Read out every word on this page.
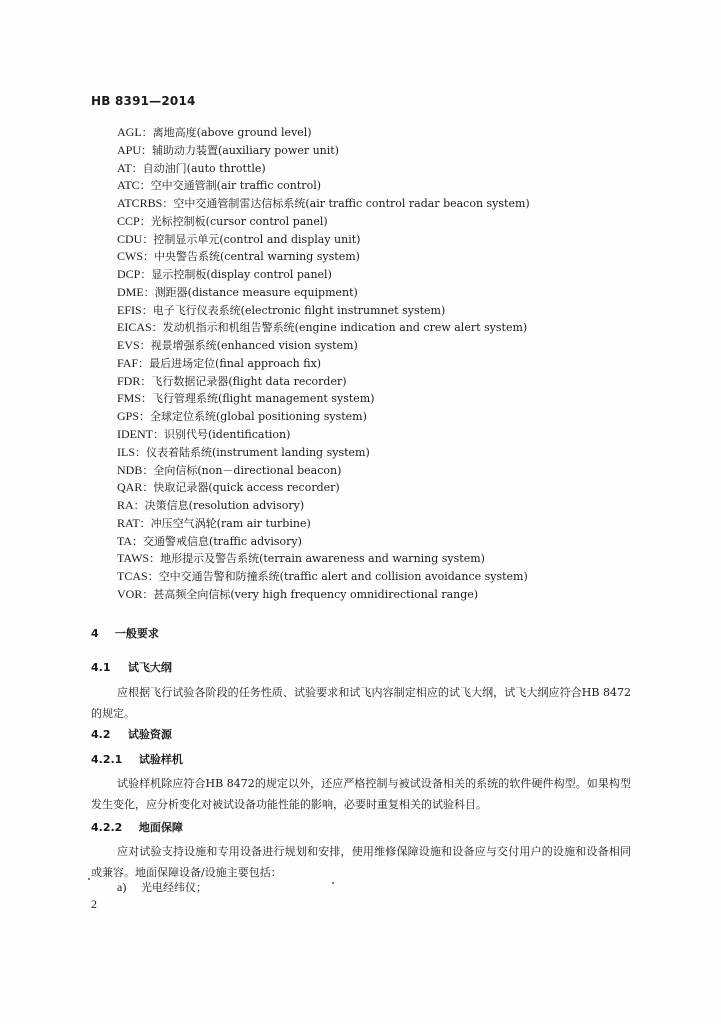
HB 8391—2014
AGL：离地高度(above ground level)
APU：辅助动力装置(auxiliary power unit)
AT：自动油门(auto throttle)
ATC：空中交通管制(air traffic control)
ATCRBS：空中交通管制雷达信标系统(air traffic control radar beacon system)
CCP：光标控制板(cursor control panel)
CDU：控制显示单元(control and display unit)
CWS：中央警告系统(central warning system)
DCP：显示控制板(display control panel)
DME：测距器(distance measure equipment)
EFIS：电子飞行仪表系统(electronic filght instrumnet system)
EICAS：发动机指示和机组告警系统(engine indication and crew alert system)
EVS：视景增强系统(enhanced vision system)
FAF：最后进场定位(final approach fix)
FDR：飞行数据记录器(flight data recorder)
FMS：飞行管理系统(flight management system)
GPS：全球定位系统(global positioning system)
IDENT：识别代号(identification)
ILS：仪表着陆系统(instrument landing system)
NDB：全向信标(non－directional beacon)
QAR：快取记录器(quick access recorder)
RA：决策信息(resolution advisory)
RAT：冲压空气涡轮(ram air turbine)
TA：交通警戒信息(traffic advisory)
TAWS：地形提示及警告系统(terrain awareness and warning system)
TCAS：空中交通告警和防撞系统(traffic alert and collision avoidance system)
VOR：甚高频全向信标(very high frequency omnidirectional range)
4 一般要求
4.1 试飞大纲
应根据飞行试验各阶段的任务性质、试验要求和试飞内容制定相应的试飞大纲，试飞大纲应符合HB 8472的规定。
4.2 试验资源
4.2.1 试验样机
试验样机除应符合HB 8472的规定以外，还应严格控制与被试设备相关的系统的软件硬件构型。如果构型发生变化，应分析变化对被试设备功能性能的影响，必要时重复相关的试验科目。
4.2.2 地面保障
应对试验支持设施和专用设备进行规划和安排，使用维修保障设施和设备应与交付用户的设施和设备相同或兼容。地面保障设备/设施主要包括：
a) 光电经纬仪；
2
